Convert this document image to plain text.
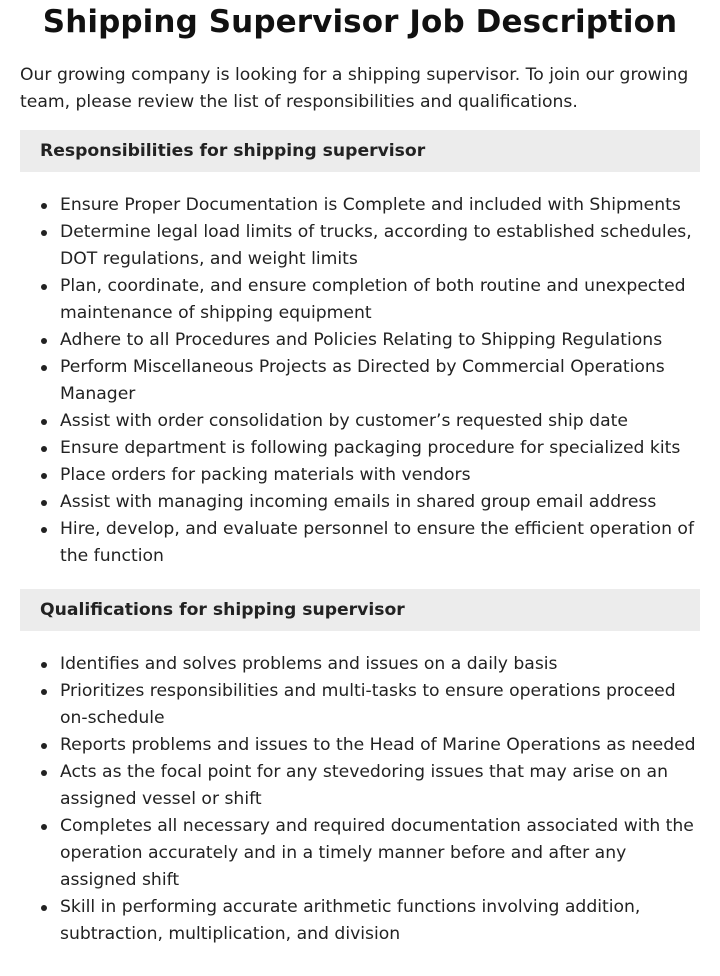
Shipping Supervisor Job Description

Our growing company is looking for a shipping supervisor. To join our growing team, please review the list of responsibilities and qualifications.

Responsibilities for shipping supervisor
Ensure Proper Documentation is Complete and included with Shipments
Determine legal load limits of trucks, according to established schedules, DOT regulations, and weight limits
Plan, coordinate, and ensure completion of both routine and unexpected maintenance of shipping equipment
Adhere to all Procedures and Policies Relating to Shipping Regulations
Perform Miscellaneous Projects as Directed by Commercial Operations Manager
Assist with order consolidation by customer’s requested ship date
Ensure department is following packaging procedure for specialized kits
Place orders for packing materials with vendors
Assist with managing incoming emails in shared group email address
Hire, develop, and evaluate personnel to ensure the efficient operation of the function
Qualifications for shipping supervisor
Identifies and solves problems and issues on a daily basis
Prioritizes responsibilities and multi-tasks to ensure operations proceed on-schedule
Reports problems and issues to the Head of Marine Operations as needed
Acts as the focal point for any stevedoring issues that may arise on an assigned vessel or shift
Completes all necessary and required documentation associated with the operation accurately and in a timely manner before and after any assigned shift
Skill in performing accurate arithmetic functions involving addition, subtraction, multiplication, and division
